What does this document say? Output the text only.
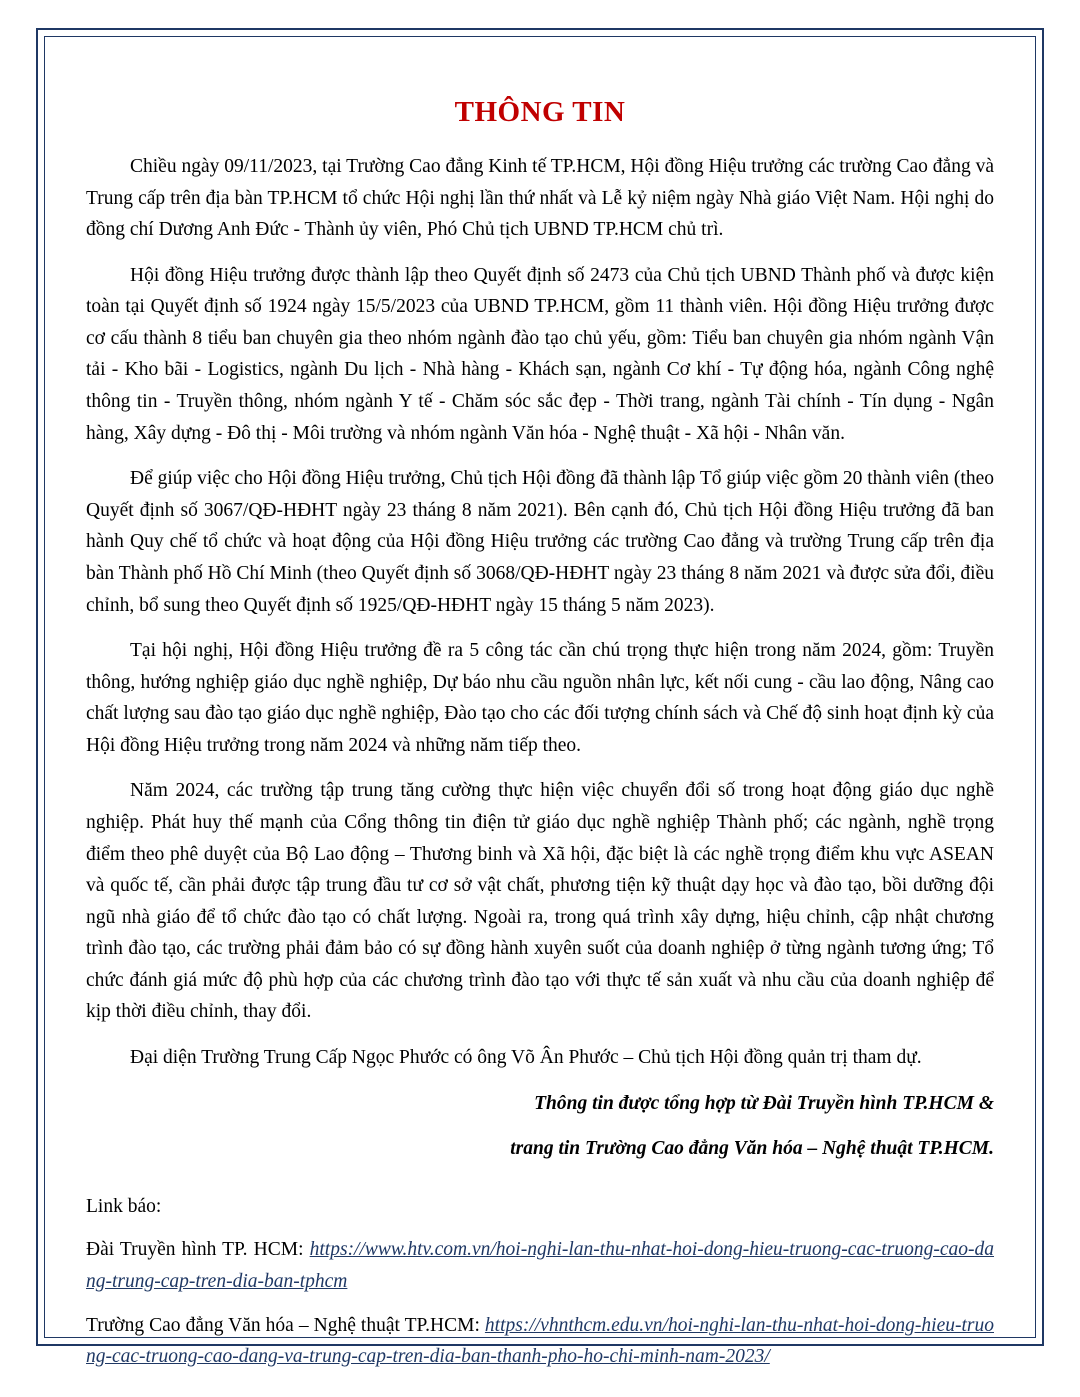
THÔNG TIN

Chiều ngày 09/11/2023, tại Trường Cao đẳng Kinh tế TP.HCM, Hội đồng Hiệu trưởng các trường Cao đẳng và Trung cấp trên địa bàn TP.HCM tổ chức Hội nghị lần thứ nhất và Lễ kỷ niệm ngày Nhà giáo Việt Nam. Hội nghị do đồng chí Dương Anh Đức - Thành ủy viên, Phó Chủ tịch UBND TP.HCM chủ trì.

Hội đồng Hiệu trưởng được thành lập theo Quyết định số 2473 của Chủ tịch UBND Thành phố và được kiện toàn tại Quyết định số 1924 ngày 15/5/2023 của UBND TP.HCM, gồm 11 thành viên. Hội đồng Hiệu trưởng được cơ cấu thành 8 tiểu ban chuyên gia theo nhóm ngành đào tạo chủ yếu, gồm: Tiểu ban chuyên gia nhóm ngành Vận tải - Kho bãi - Logistics, ngành Du lịch - Nhà hàng - Khách sạn, ngành Cơ khí - Tự động hóa, ngành Công nghệ thông tin - Truyền thông, nhóm ngành Y tế - Chăm sóc sắc đẹp - Thời trang, ngành Tài chính - Tín dụng - Ngân hàng, Xây dựng - Đô thị - Môi trường và nhóm ngành Văn hóa - Nghệ thuật - Xã hội - Nhân văn.

Để giúp việc cho Hội đồng Hiệu trưởng, Chủ tịch Hội đồng đã thành lập Tổ giúp việc gồm 20 thành viên (theo Quyết định số 3067/QĐ-HĐHT ngày 23 tháng 8 năm 2021). Bên cạnh đó, Chủ tịch Hội đồng Hiệu trưởng đã ban hành Quy chế tổ chức và hoạt động của Hội đồng Hiệu trưởng các trường Cao đẳng và trường Trung cấp trên địa bàn Thành phố Hồ Chí Minh (theo Quyết định số 3068/QĐ-HĐHT ngày 23 tháng 8 năm 2021 và được sửa đổi, điều chỉnh, bổ sung theo Quyết định số 1925/QĐ-HĐHT ngày 15 tháng 5 năm 2023).

Tại hội nghị, Hội đồng Hiệu trưởng đề ra 5 công tác cần chú trọng thực hiện trong năm 2024, gồm: Truyền thông, hướng nghiệp giáo dục nghề nghiệp, Dự báo nhu cầu nguồn nhân lực, kết nối cung - cầu lao động, Nâng cao chất lượng sau đào tạo giáo dục nghề nghiệp, Đào tạo cho các đối tượng chính sách và Chế độ sinh hoạt định kỳ của Hội đồng Hiệu trưởng trong năm 2024 và những năm tiếp theo.

Năm 2024, các trường tập trung tăng cường thực hiện việc chuyển đổi số trong hoạt động giáo dục nghề nghiệp. Phát huy thế mạnh của Cổng thông tin điện tử giáo dục nghề nghiệp Thành phố; các ngành, nghề trọng điểm theo phê duyệt của Bộ Lao động – Thương binh và Xã hội, đặc biệt là các nghề trọng điểm khu vực ASEAN và quốc tế, cần phải được tập trung đầu tư cơ sở vật chất, phương tiện kỹ thuật dạy học và đào tạo, bồi dưỡng đội ngũ nhà giáo để tổ chức đào tạo có chất lượng. Ngoài ra, trong quá trình xây dựng, hiệu chỉnh, cập nhật chương trình đào tạo, các trường phải đảm bảo có sự đồng hành xuyên suốt của doanh nghiệp ở từng ngành tương ứng; Tổ chức đánh giá mức độ phù hợp của các chương trình đào tạo với thực tế sản xuất và nhu cầu của doanh nghiệp để kịp thời điều chỉnh, thay đổi.

Đại diện Trường Trung Cấp Ngọc Phước có ông Võ Ân Phước – Chủ tịch Hội đồng quản trị tham dự.

Thông tin được tổng hợp từ Đài Truyền hình TP.HCM &

trang tin Trường Cao đẳng Văn hóa – Nghệ thuật TP.HCM.

Link báo:

Đài Truyền hình TP. HCM: https://www.htv.com.vn/hoi-nghi-lan-thu-nhat-hoi-dong-hieu-truong-cac-truong-cao-dang-trung-cap-tren-dia-ban-tphcm

Trường Cao đẳng Văn hóa – Nghệ thuật TP.HCM: https://vhnthcm.edu.vn/hoi-nghi-lan-thu-nhat-hoi-dong-hieu-truong-cac-truong-cao-dang-va-trung-cap-tren-dia-ban-thanh-pho-ho-chi-minh-nam-2023/
